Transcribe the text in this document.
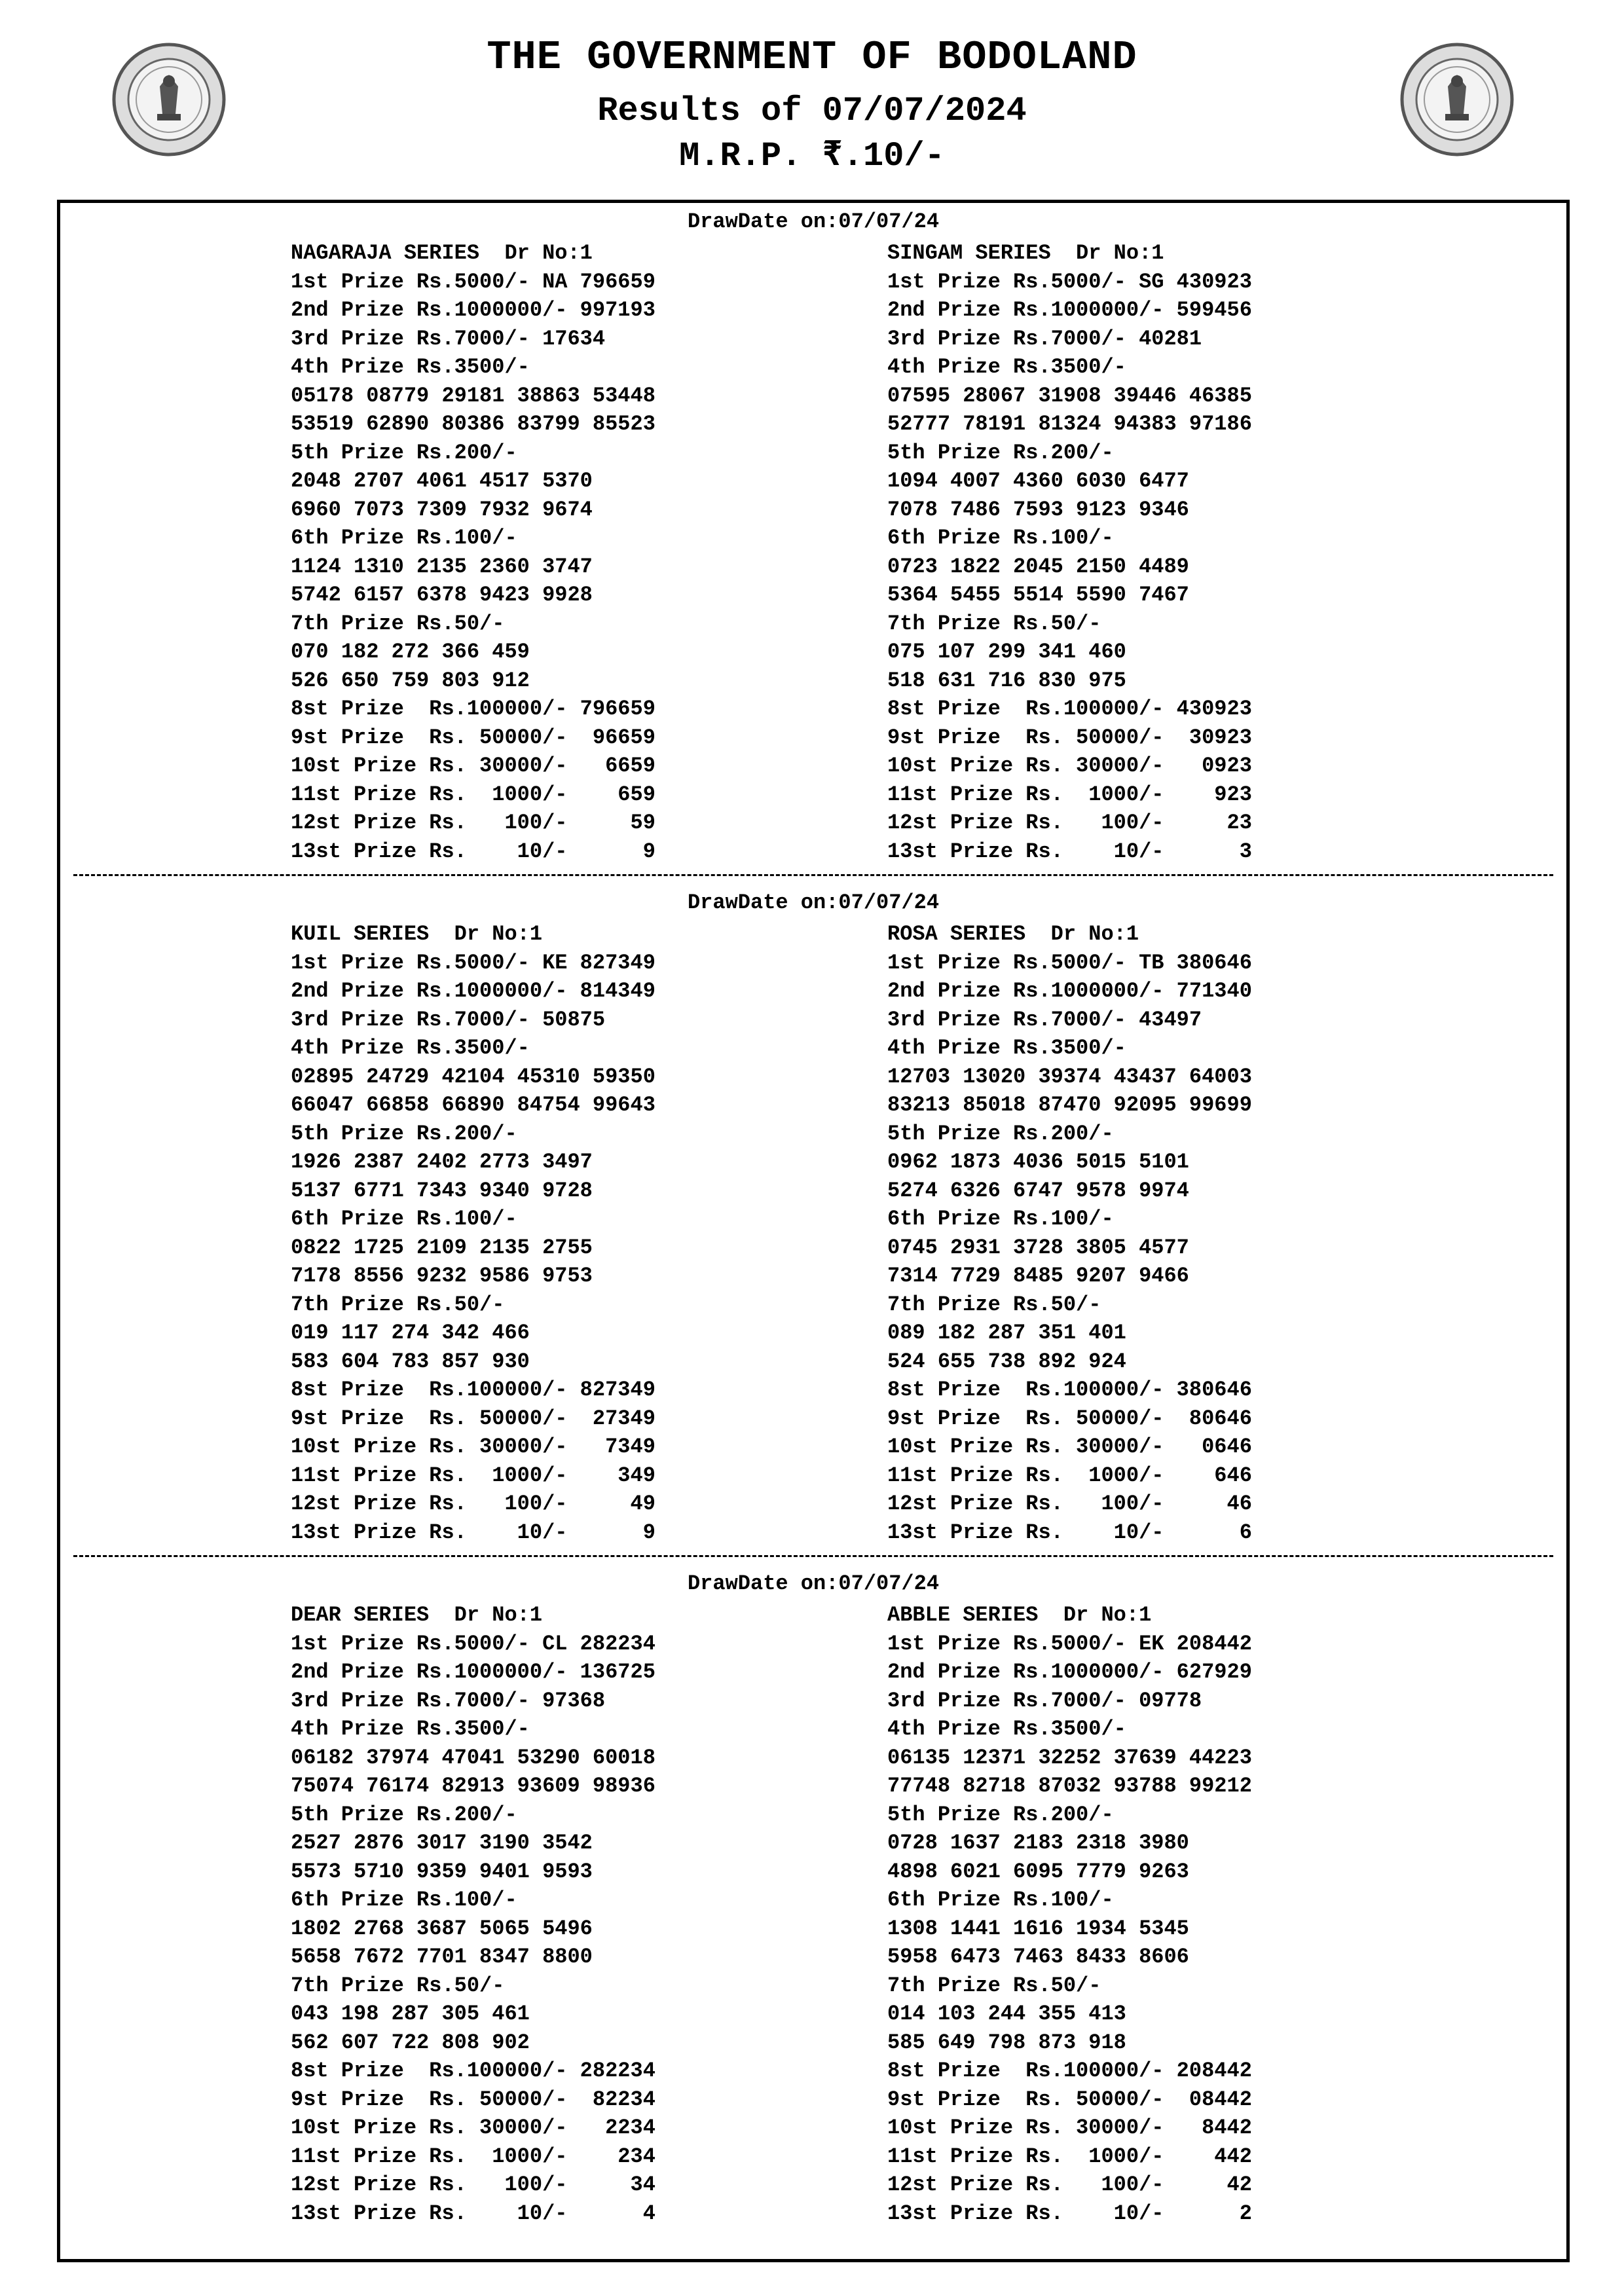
THE GOVERNMENT OF BODOLAND
Results of 07/07/2024
M.R.P. ₹.10/-
DrawDate on:07/07/24
NAGARAJA SERIES  Dr No:1
1st Prize Rs.5000/- NA 796659
2nd Prize Rs.1000000/- 997193
3rd Prize Rs.7000/- 17634
4th Prize Rs.3500/-
05178 08779 29181 38863 53448
53519 62890 80386 83799 85523
5th Prize Rs.200/-
2048 2707 4061 4517 5370
6960 7073 7309 7932 9674
6th Prize Rs.100/-
1124 1310 2135 2360 3747
5742 6157 6378 9423 9928
7th Prize Rs.50/-
070 182 272 366 459
526 650 759 803 912
8st Prize  Rs.100000/- 796659
9st Prize  Rs. 50000/-  96659
10st Prize Rs. 30000/-   6659
11st Prize Rs.  1000/-    659
12st Prize Rs.   100/-     59
13st Prize Rs.    10/-      9
SINGAM SERIES  Dr No:1
1st Prize Rs.5000/- SG 430923
2nd Prize Rs.1000000/- 599456
3rd Prize Rs.7000/- 40281
4th Prize Rs.3500/-
07595 28067 31908 39446 46385
52777 78191 81324 94383 97186
5th Prize Rs.200/-
1094 4007 4360 6030 6477
7078 7486 7593 9123 9346
6th Prize Rs.100/-
0723 1822 2045 2150 4489
5364 5455 5514 5590 7467
7th Prize Rs.50/-
075 107 299 341 460
518 631 716 830 975
8st Prize  Rs.100000/- 430923
9st Prize  Rs. 50000/-  30923
10st Prize Rs. 30000/-   0923
11st Prize Rs.  1000/-    923
12st Prize Rs.   100/-     23
13st Prize Rs.    10/-      3
DrawDate on:07/07/24
KUIL SERIES  Dr No:1
1st Prize Rs.5000/- KE 827349
2nd Prize Rs.1000000/- 814349
3rd Prize Rs.7000/- 50875
4th Prize Rs.3500/-
02895 24729 42104 45310 59350
66047 66858 66890 84754 99643
5th Prize Rs.200/-
1926 2387 2402 2773 3497
5137 6771 7343 9340 9728
6th Prize Rs.100/-
0822 1725 2109 2135 2755
7178 8556 9232 9586 9753
7th Prize Rs.50/-
019 117 274 342 466
583 604 783 857 930
8st Prize  Rs.100000/- 827349
9st Prize  Rs. 50000/-  27349
10st Prize Rs. 30000/-   7349
11st Prize Rs.  1000/-    349
12st Prize Rs.   100/-     49
13st Prize Rs.    10/-      9
ROSA SERIES  Dr No:1
1st Prize Rs.5000/- TB 380646
2nd Prize Rs.1000000/- 771340
3rd Prize Rs.7000/- 43497
4th Prize Rs.3500/-
12703 13020 39374 43437 64003
83213 85018 87470 92095 99699
5th Prize Rs.200/-
0962 1873 4036 5015 5101
5274 6326 6747 9578 9974
6th Prize Rs.100/-
0745 2931 3728 3805 4577
7314 7729 8485 9207 9466
7th Prize Rs.50/-
089 182 287 351 401
524 655 738 892 924
8st Prize  Rs.100000/- 380646
9st Prize  Rs. 50000/-  80646
10st Prize Rs. 30000/-   0646
11st Prize Rs.  1000/-    646
12st Prize Rs.   100/-     46
13st Prize Rs.    10/-      6
DrawDate on:07/07/24
DEAR SERIES  Dr No:1
1st Prize Rs.5000/- CL 282234
2nd Prize Rs.1000000/- 136725
3rd Prize Rs.7000/- 97368
4th Prize Rs.3500/-
06182 37974 47041 53290 60018
75074 76174 82913 93609 98936
5th Prize Rs.200/-
2527 2876 3017 3190 3542
5573 5710 9359 9401 9593
6th Prize Rs.100/-
1802 2768 3687 5065 5496
5658 7672 7701 8347 8800
7th Prize Rs.50/-
043 198 287 305 461
562 607 722 808 902
8st Prize  Rs.100000/- 282234
9st Prize  Rs. 50000/-  82234
10st Prize Rs. 30000/-   2234
11st Prize Rs.  1000/-    234
12st Prize Rs.   100/-     34
13st Prize Rs.    10/-      4
ABBLE SERIES  Dr No:1
1st Prize Rs.5000/- EK 208442
2nd Prize Rs.1000000/- 627929
3rd Prize Rs.7000/- 09778
4th Prize Rs.3500/-
06135 12371 32252 37639 44223
77748 82718 87032 93788 99212
5th Prize Rs.200/-
0728 1637 2183 2318 3980
4898 6021 6095 7779 9263
6th Prize Rs.100/-
1308 1441 1616 1934 5345
5958 6473 7463 8433 8606
7th Prize Rs.50/-
014 103 244 355 413
585 649 798 873 918
8st Prize  Rs.100000/- 208442
9st Prize  Rs. 50000/-  08442
10st Prize Rs. 30000/-   8442
11st Prize Rs.  1000/-    442
12st Prize Rs.   100/-     42
13st Prize Rs.    10/-      2
